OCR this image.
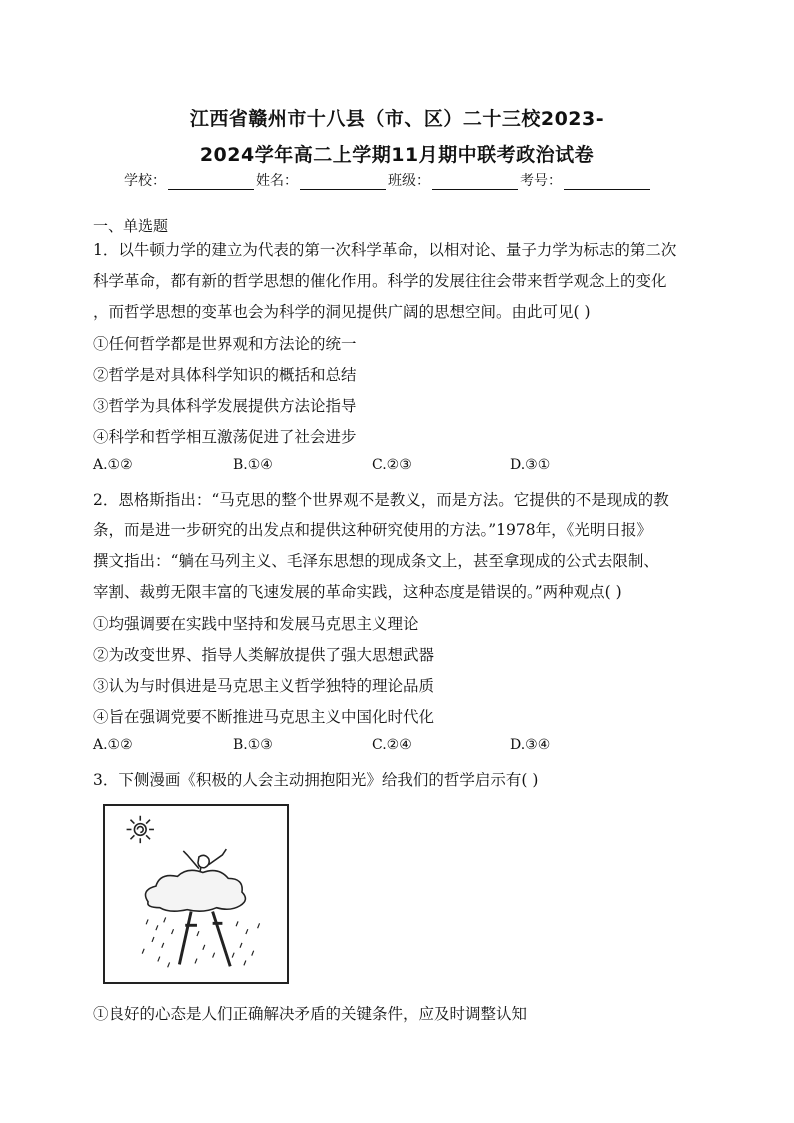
江西省赣州市十八县（市、区）二十三校2023-
2024学年高二上学期11月期中联考政治试卷
学校：	姓名：	班级：	考号：
一、单选题
1．以牛顿力学的建立为代表的第一次科学革命，以相对论、量子力学为标志的第二次
科学革命，都有新的哲学思想的催化作用。科学的发展往往会带来哲学观念上的变化
，而哲学思想的变革也会为科学的洞见提供广阔的思想空间。由此可见( )
①任何哲学都是世界观和方法论的统一
②哲学是对具体科学知识的概括和总结
③哲学为具体科学发展提供方法论指导
④科学和哲学相互激荡促进了社会进步
A.①②	B.①④	C.②③	D.③①
2．恩格斯指出：“马克思的整个世界观不是教义，而是方法。它提供的不是现成的教
条，而是进一步研究的出发点和提供这种研究使用的方法。”1978年，《光明日报》
撰文指出：“躺在马列主义、毛泽东思想的现成条文上，甚至拿现成的公式去限制、
宰割、裁剪无限丰富的飞速发展的革命实践，这种态度是错误的。”两种观点( )
①均强调要在实践中坚持和发展马克思主义理论
②为改变世界、指导人类解放提供了强大思想武器
③认为与时俱进是马克思主义哲学独特的理论品质
④旨在强调党要不断推进马克思主义中国化时代化
A.①②	B.①③	C.②④	D.③④
3．下侧漫画《积极的人会主动拥抱阳光》给我们的哲学启示有( )
①良好的心态是人们正确解决矛盾的关键条件，应及时调整认知
